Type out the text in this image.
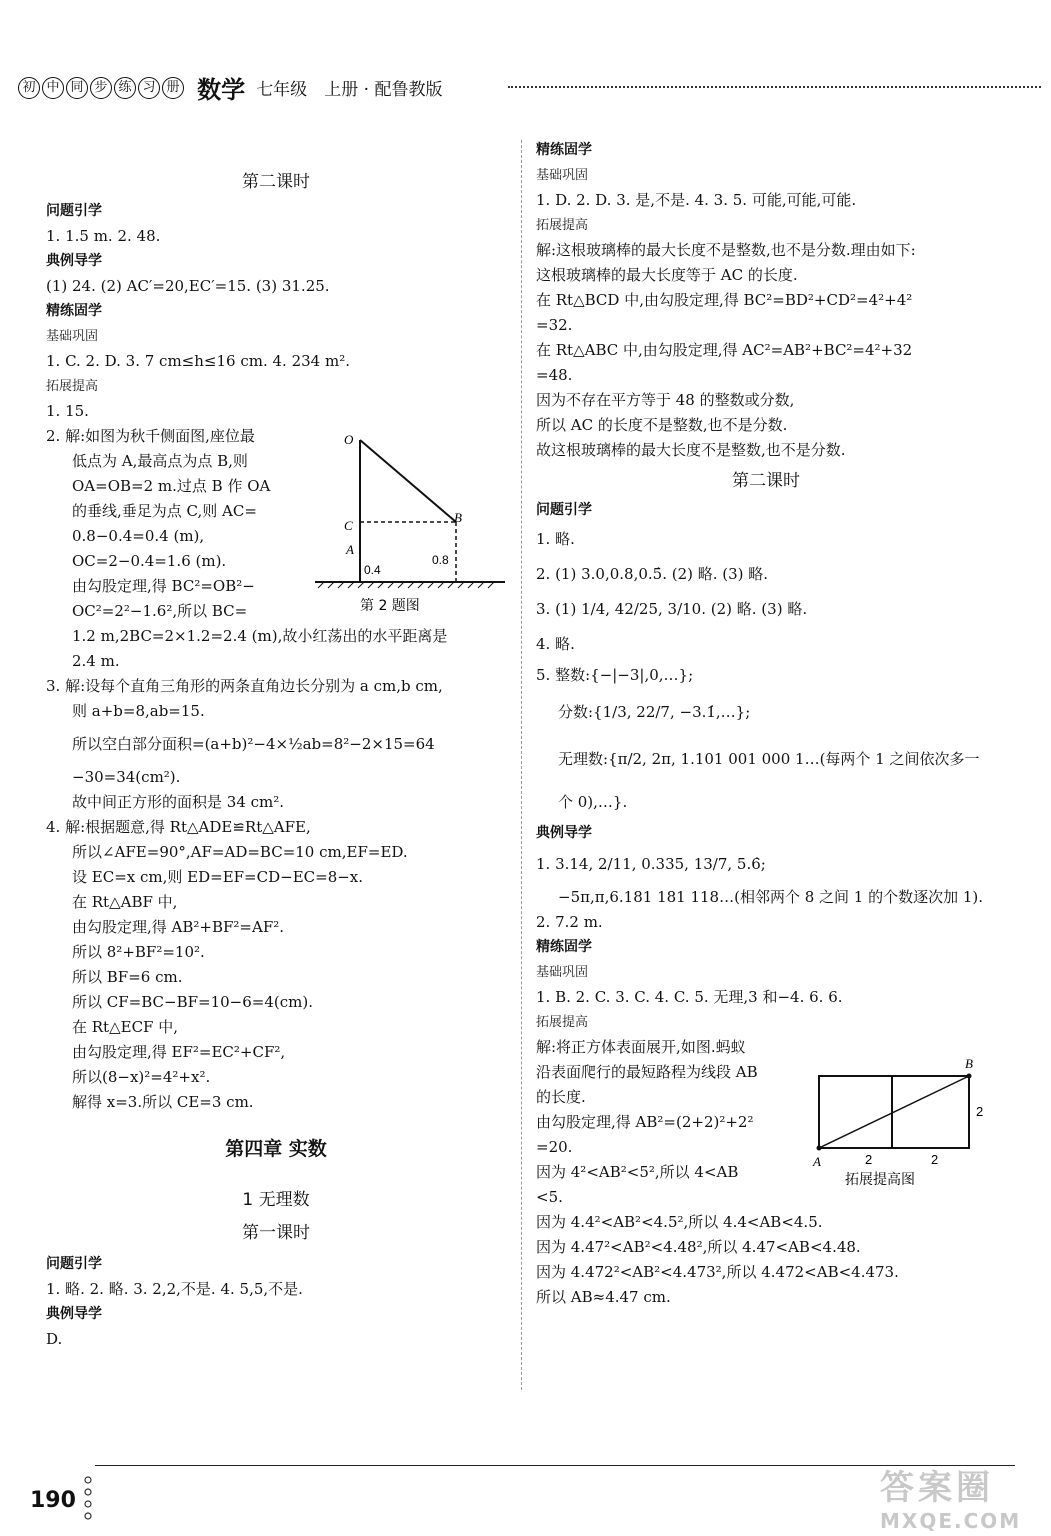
初 中 同 步 练 习 册 数学 七年级 上册 · 配鲁教版
第二课时
问题引学
1. 1.5 m. 2. 48.
典例导学
(1) 24. (2) AC′=20,EC′=15. (3) 31.25.
精练固学
基础巩固
1. C. 2. D. 3. 7 cm≤h≤16 cm. 4. 234 m².
拓展提高
1. 15.
2. 解:如图为秋千侧面图,座位最
低点为 A,最高点为点 B,则
OA=OB=2 m.过点 B 作 OA
的垂线,垂足为点 C,则 AC=
0.8−0.4=0.4 (m),
OC=2−0.4=1.6 (m).
由勾股定理,得 BC²=OB²−
OC²=2²−1.6²,所以 BC=
1.2 m,2BC=2×1.2=2.4 (m),故小红荡出的水平距离是
2.4 m.
3. 解:设每个直角三角形的两条直角边长分别为 a cm,b cm,
则 a+b=8,ab=15.
所以空白部分面积=(a+b)²−4×½ab=8²−2×15=64
−30=34(cm²).
故中间正方形的面积是 34 cm².
4. 解:根据题意,得 Rt△ADE≌Rt△AFE,
所以∠AFE=90°,AF=AD=BC=10 cm,EF=ED.
设 EC=x cm,则 ED=EF=CD−EC=8−x.
在 Rt△ABF 中,
由勾股定理,得 AB²+BF²=AF².
所以 8²+BF²=10².
所以 BF=6 cm.
所以 CF=BC−BF=10−6=4(cm).
在 Rt△ECF 中,
由勾股定理,得 EF²=EC²+CF²,
所以(8−x)²=4²+x².
解得 x=3.所以 CE=3 cm.
第四章 实数
1 无理数
第一课时
问题引学
1. 略. 2. 略. 3. 2,2,不是. 4. 5,5,不是.
典例导学
D.
O
C
A
B
0.4
0.8
第 2 题图
精练固学
基础巩固
1. D. 2. D. 3. 是,不是. 4. 3. 5. 可能,可能,可能.
拓展提高
解:这根玻璃棒的最大长度不是整数,也不是分数.理由如下:
这根玻璃棒的最大长度等于 AC 的长度.
在 Rt△BCD 中,由勾股定理,得 BC²=BD²+CD²=4²+4²
=32.
在 Rt△ABC 中,由勾股定理,得 AC²=AB²+BC²=4²+32
=48.
因为不存在平方等于 48 的整数或分数,
所以 AC 的长度不是整数,也不是分数.
故这根玻璃棒的最大长度不是整数,也不是分数.
第二课时
问题引学
1. 略.
2. (1) 3.0,0.8,0.5̇. (2) 略. (3) 略.
3. (1) 1/4, 42/25, 3/10. (2) 略. (3) 略.
4. 略.
5. 整数:{−|−3|,0,…};
分数:{1/3, 22/7, −3.1̇,…};
无理数:{π/2, 2π, 1.101 001 000 1…(每两个 1 之间依次多一
个 0),…}.
典例导学
1. 3.14, 2/11, 0.335, 13/7, 5.6̇;
−5π,π,6.181 181 118…(相邻两个 8 之间 1 的个数逐次加 1).
2. 7.2 m.
精练固学
基础巩固
1. B. 2. C. 3. C. 4. C. 5. 无理,3 和−4. 6. 6.
拓展提高
解:将正方体表面展开,如图.蚂蚁
沿表面爬行的最短路程为线段 AB
的长度.
由勾股定理,得 AB²=(2+2)²+2²
=20.
因为 4²<AB²<5²,所以 4<AB
<5.
因为 4.4²<AB²<4.5²,所以 4.4<AB<4.5.
因为 4.47²<AB²<4.48²,所以 4.47<AB<4.48.
因为 4.472²<AB²<4.473²,所以 4.472<AB<4.473.
所以 AB≈4.47 cm.
B
A	2	2
2
拓展提高图
190	答案圈
MXQE.COM
